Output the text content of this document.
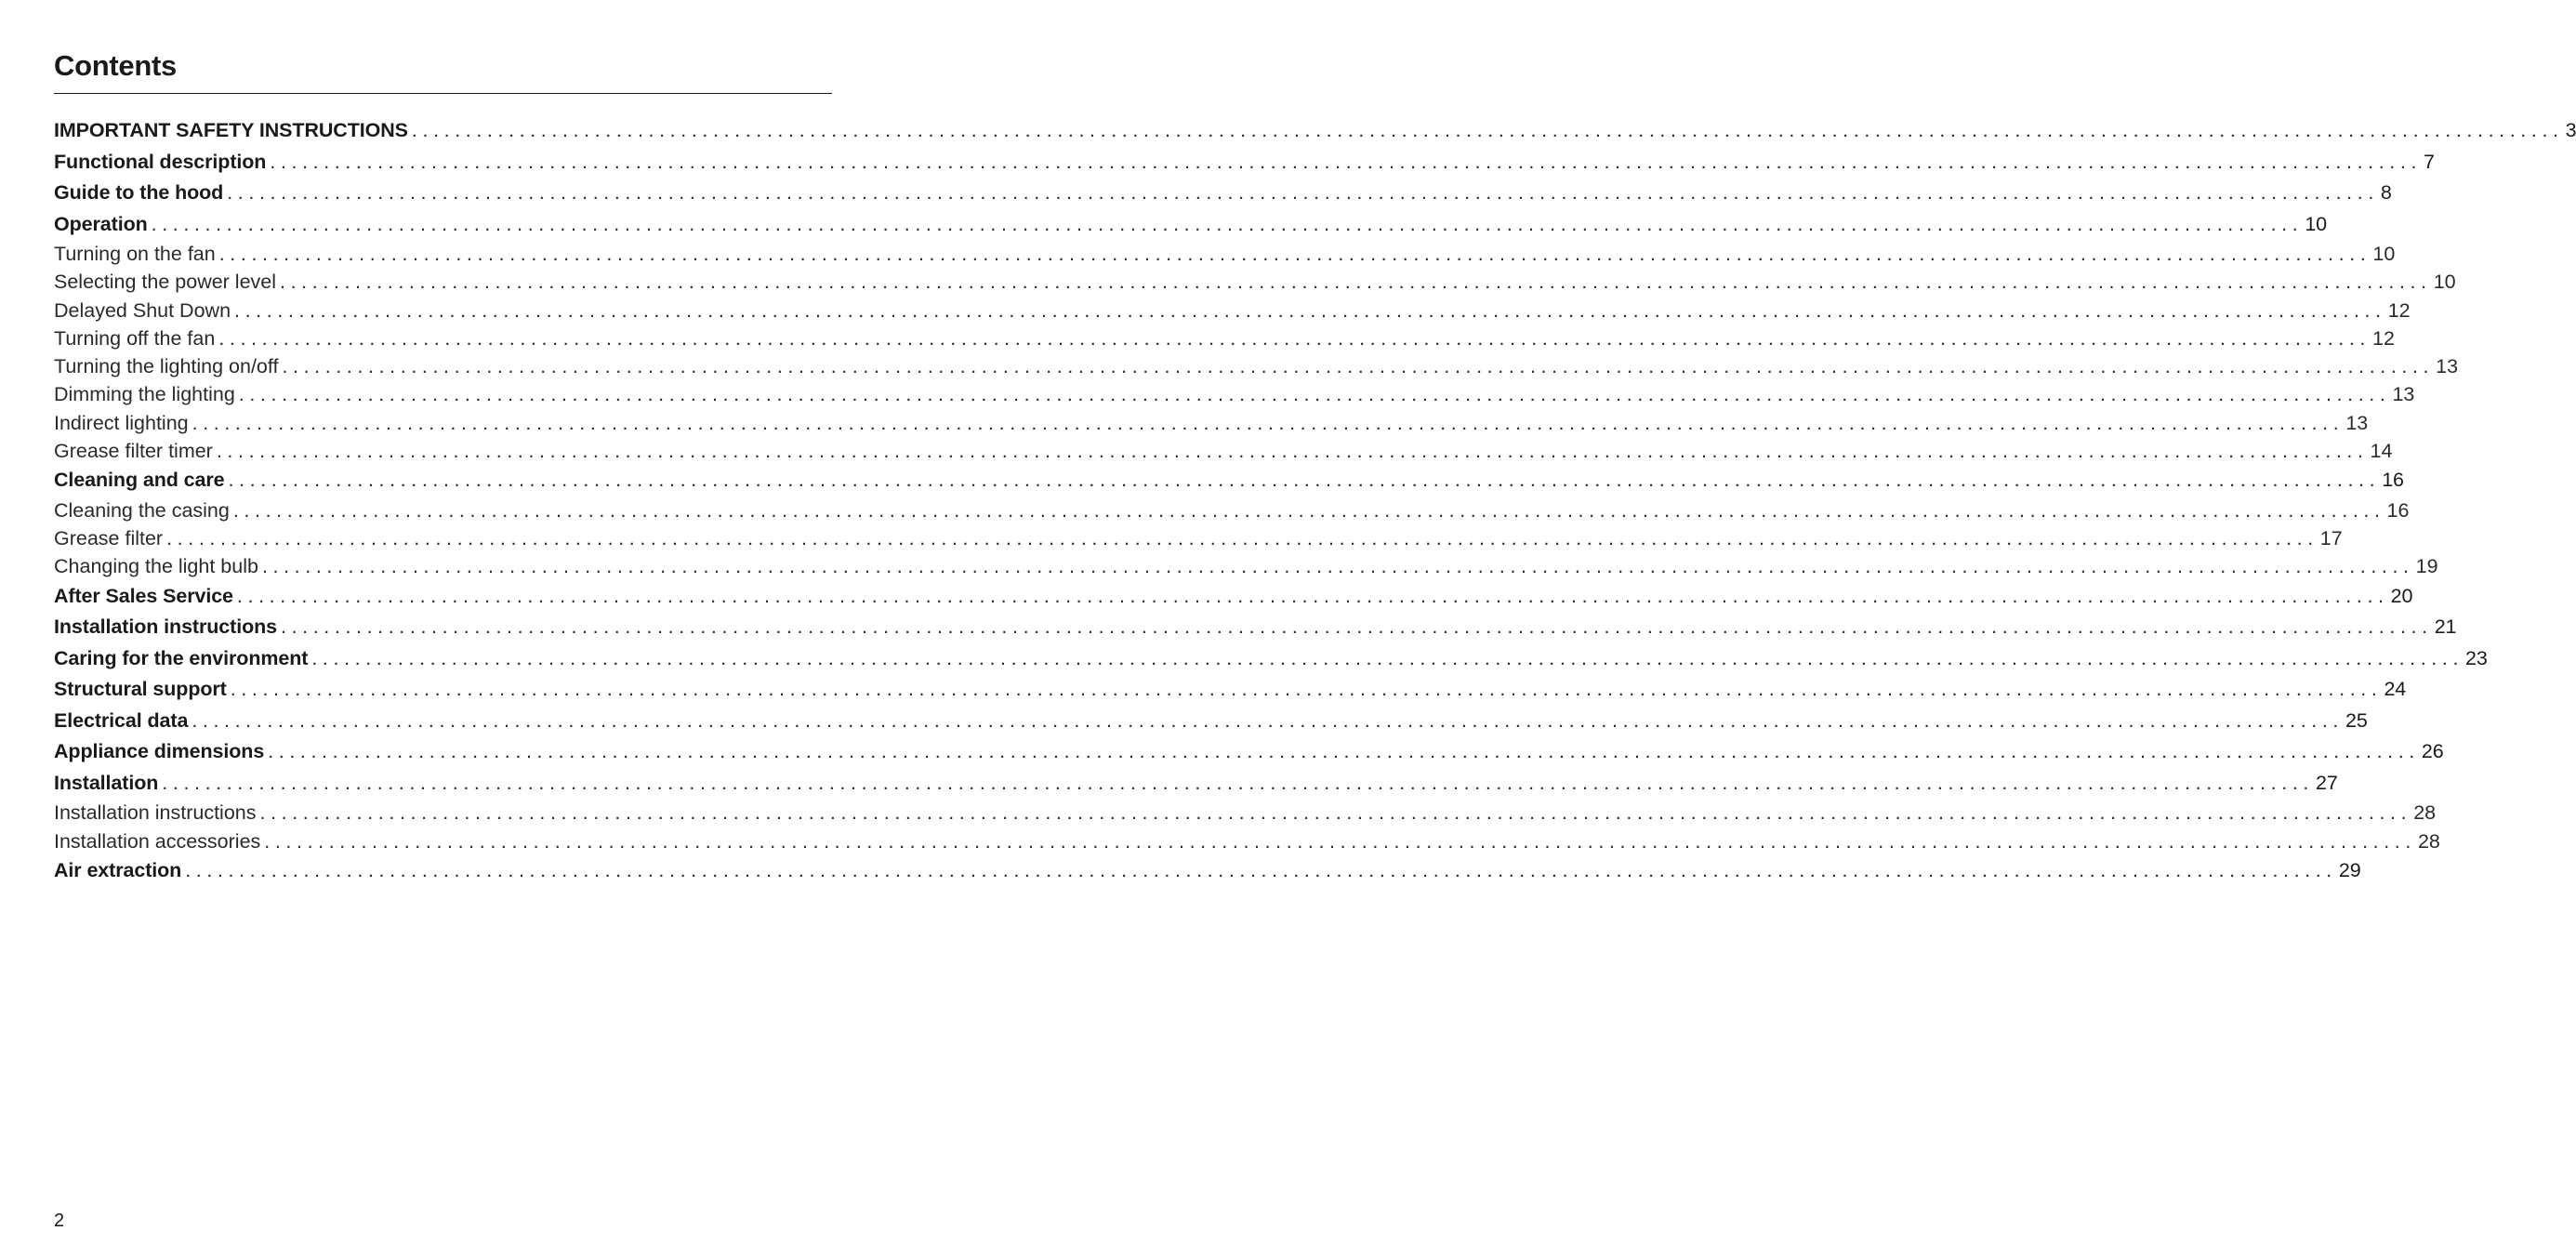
Contents
IMPORTANT SAFETY INSTRUCTIONS ........................................................................................................................................................................................................ 3
Functional description ........................................................................................................................................................................................................ 7
Guide to the hood ........................................................................................................................................................................................................ 8
Operation ........................................................................................................................................................................................................ 10
Turning on the fan ........................................................................................................................................................................................................ 10
Selecting the power level ........................................................................................................................................................................................................ 10
Delayed Shut Down ........................................................................................................................................................................................................ 12
Turning off the fan ........................................................................................................................................................................................................ 12
Turning the lighting on/off ........................................................................................................................................................................................................ 13
Dimming the lighting ........................................................................................................................................................................................................ 13
Indirect lighting ........................................................................................................................................................................................................ 13
Grease filter timer ........................................................................................................................................................................................................ 14
Cleaning and care ........................................................................................................................................................................................................ 16
Cleaning the casing ........................................................................................................................................................................................................ 16
Grease filter ........................................................................................................................................................................................................ 17
Changing the light bulb ........................................................................................................................................................................................................ 19
After Sales Service ........................................................................................................................................................................................................ 20
Installation instructions ........................................................................................................................................................................................................ 21
Caring for the environment ........................................................................................................................................................................................................ 23
Structural support ........................................................................................................................................................................................................ 24
Electrical data ........................................................................................................................................................................................................ 25
Appliance dimensions ........................................................................................................................................................................................................ 26
Installation ........................................................................................................................................................................................................ 27
Installation instructions ........................................................................................................................................................................................................ 28
Installation accessories ........................................................................................................................................................................................................ 28
Air extraction ........................................................................................................................................................................................................ 29
2
